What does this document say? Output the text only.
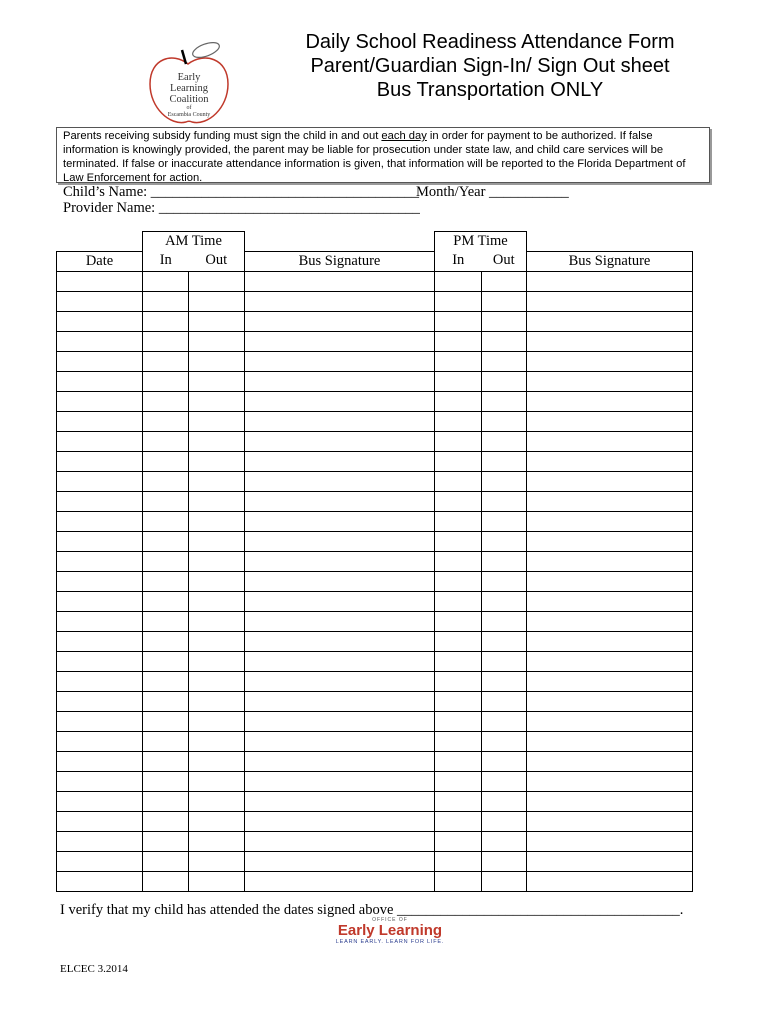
Daily School Readiness Attendance Form
Parent/Guardian Sign-In/ Sign Out sheet
Bus Transportation ONLY
Early
Learning
Coalition
of
Escambia County
Parents receiving subsidy funding must sign the child in and out each day in order for payment to be authorized. If false information is knowingly provided, the parent may be liable for prosecution under state law, and child care services will be terminated. If false or inaccurate attendance information is given, that information will be reported to the Florida Department of Law Enforcement for action.
Child’s Name: _____________________________________
Month/Year ___________
Provider Name: ____________________________________
	AM Time			PM Time		
Date	In	Out	Bus Signature	In	Out	Bus Signature

I verify that my child has attended the dates signed above _______________________________________.
OFFICE OF
Early Learning
LEARN EARLY. LEARN FOR LIFE.
ELCEC 3.2014
